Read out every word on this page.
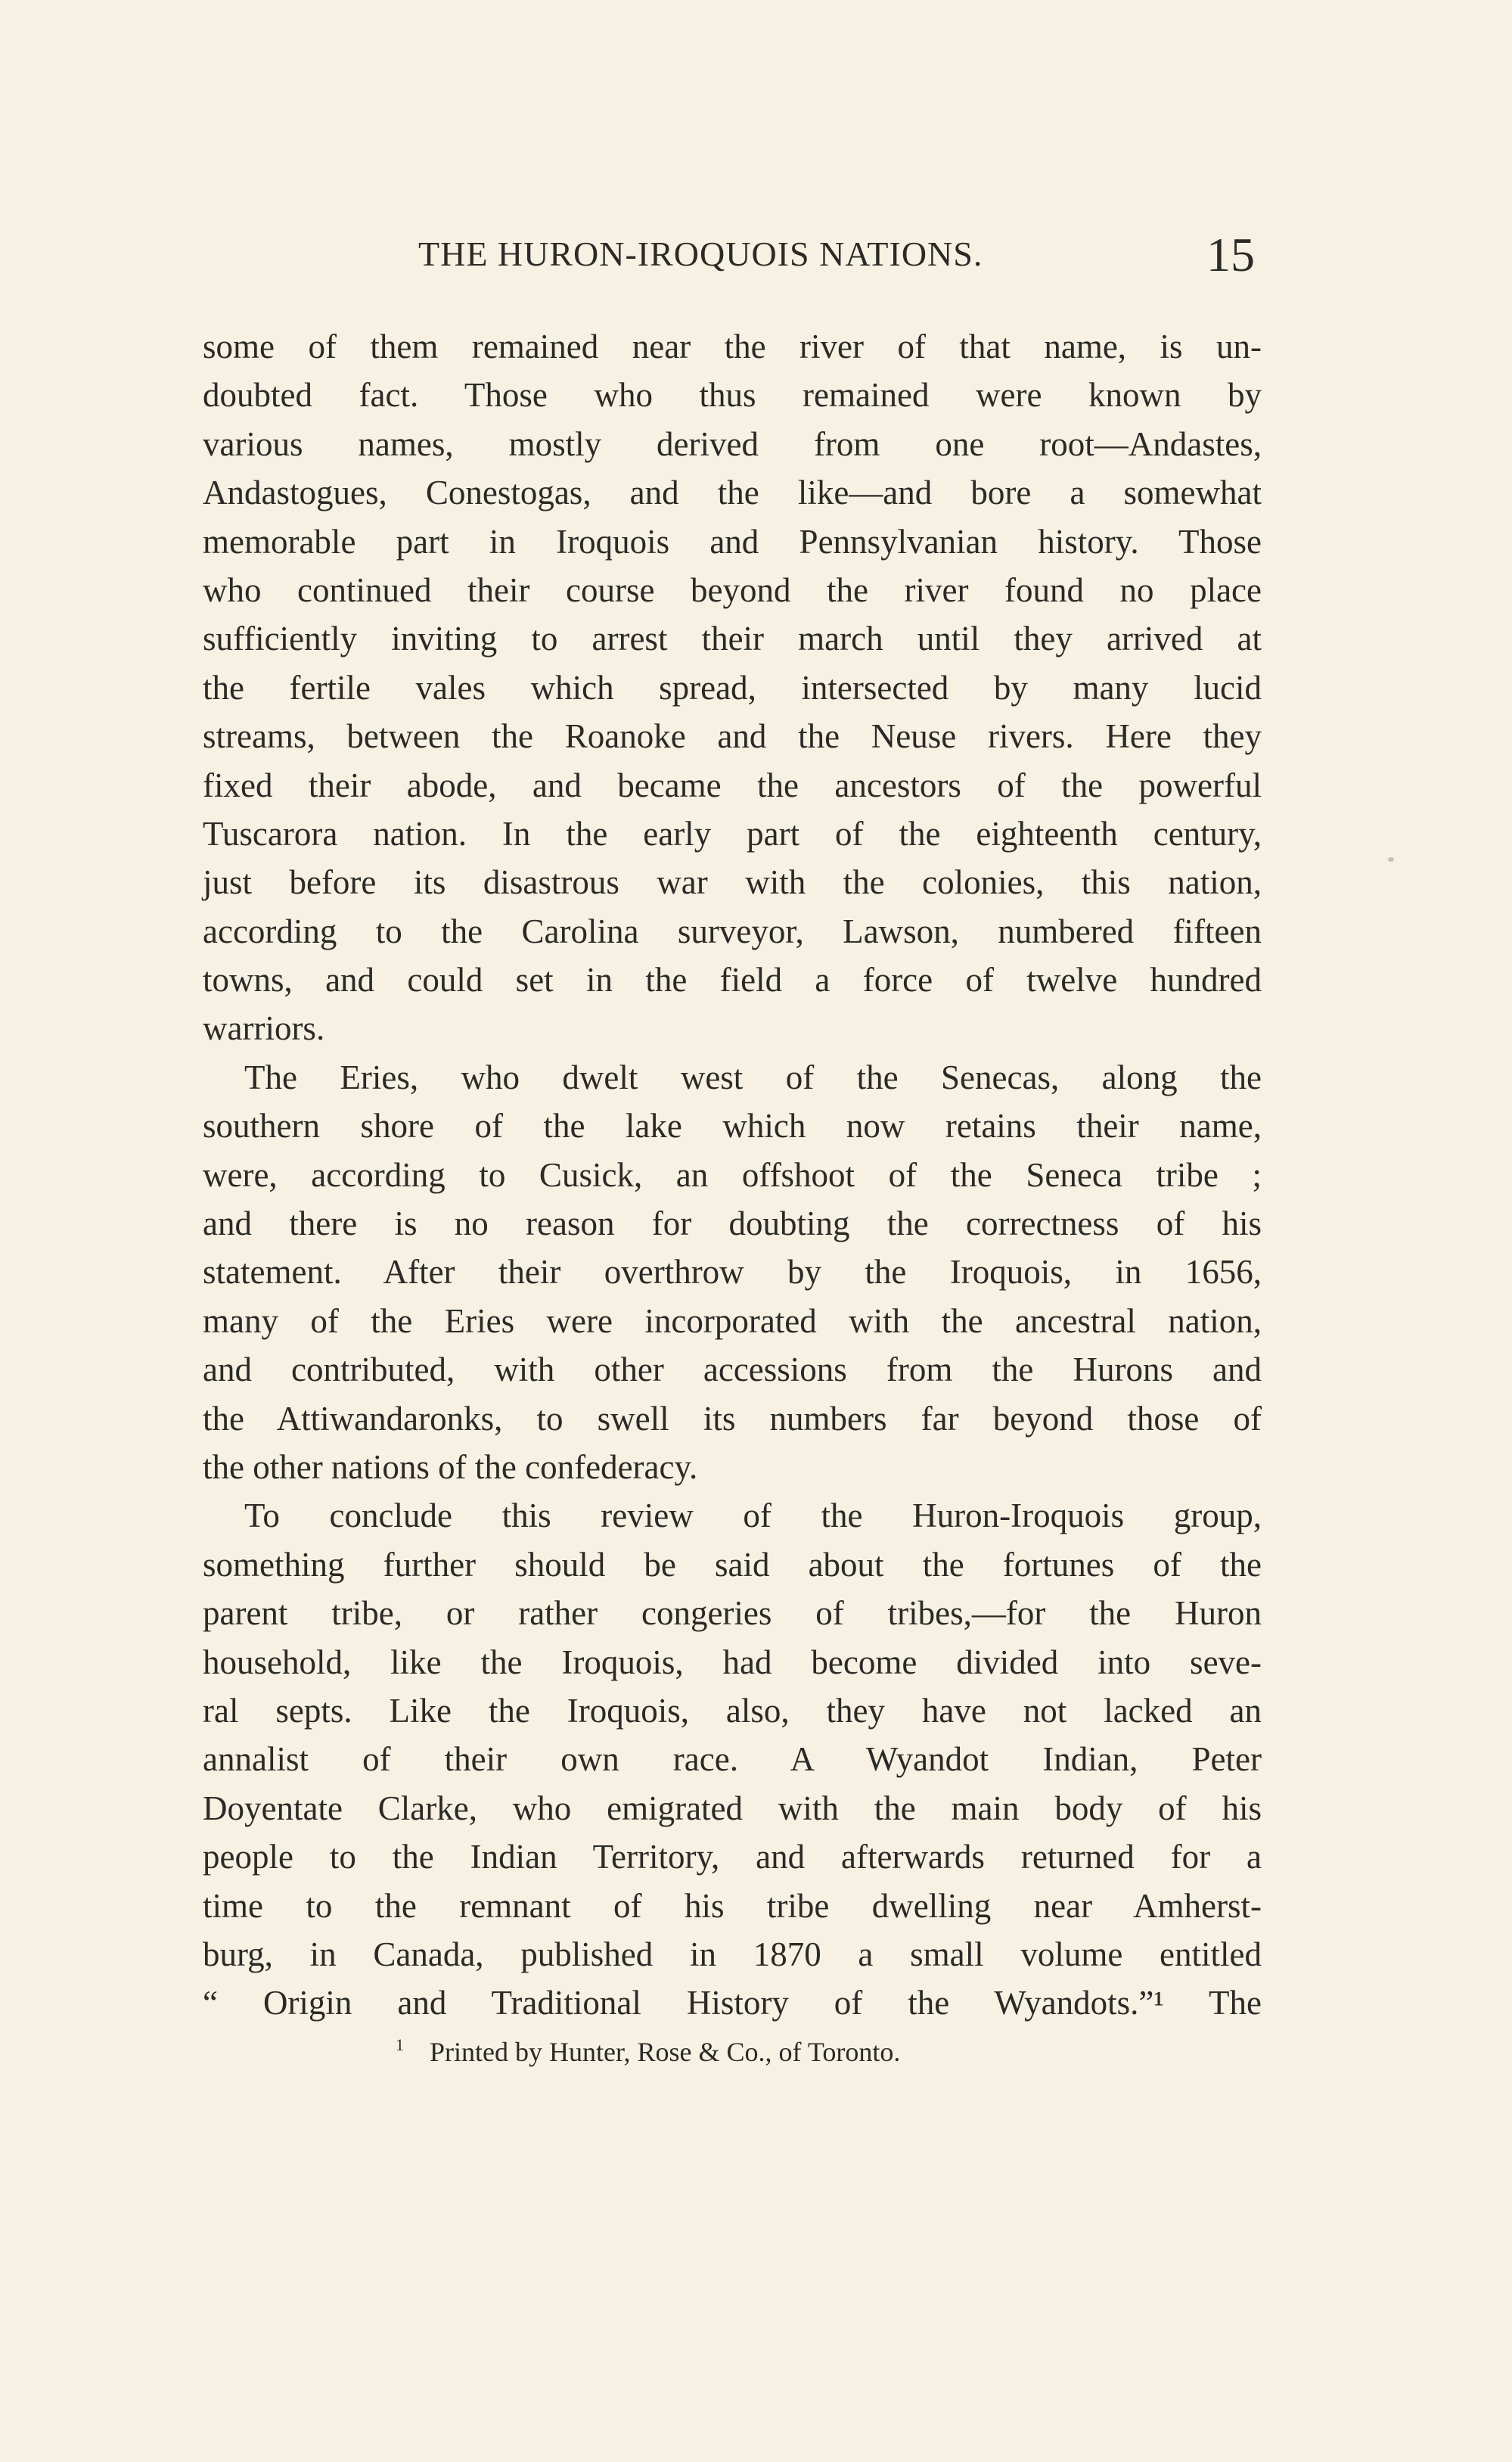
THE HURON-IROQUOIS NATIONS.	15
some of them remained near the river of that name, is un-
doubted fact. Those who thus remained were known by
various names, mostly derived from one root—Andastes,
Andastogues, Conestogas, and the like—and bore a somewhat
memorable part in Iroquois and Pennsylvanian history. Those
who continued their course beyond the river found no place
sufficiently inviting to arrest their march until they arrived at
the fertile vales which spread, intersected by many lucid
streams, between the Roanoke and the Neuse rivers. Here they
fixed their abode, and became the ancestors of the powerful
Tuscarora nation. In the early part of the eighteenth century,
just before its disastrous war with the colonies, this nation,
according to the Carolina surveyor, Lawson, numbered fifteen
towns, and could set in the field a force of twelve hundred
warriors.
The Eries, who dwelt west of the Senecas, along the
southern shore of the lake which now retains their name,
were, according to Cusick, an offshoot of the Seneca tribe ;
and there is no reason for doubting the correctness of his
statement. After their overthrow by the Iroquois, in 1656,
many of the Eries were incorporated with the ancestral nation,
and contributed, with other accessions from the Hurons and
the Attiwandaronks, to swell its numbers far beyond those of
the other nations of the confederacy.
To conclude this review of the Huron-Iroquois group,
something further should be said about the fortunes of the
parent tribe, or rather congeries of tribes,—for the Huron
household, like the Iroquois, had become divided into seve-
ral septs. Like the Iroquois, also, they have not lacked an
annalist of their own race. A Wyandot Indian, Peter
Doyentate Clarke, who emigrated with the main body of his
people to the Indian Territory, and afterwards returned for a
time to the remnant of his tribe dwelling near Amherst-
burg, in Canada, published in 1870 a small volume entitled
“ Origin and Traditional History of the Wyandots.”¹ The
1 Printed by Hunter, Rose & Co., of Toronto.
